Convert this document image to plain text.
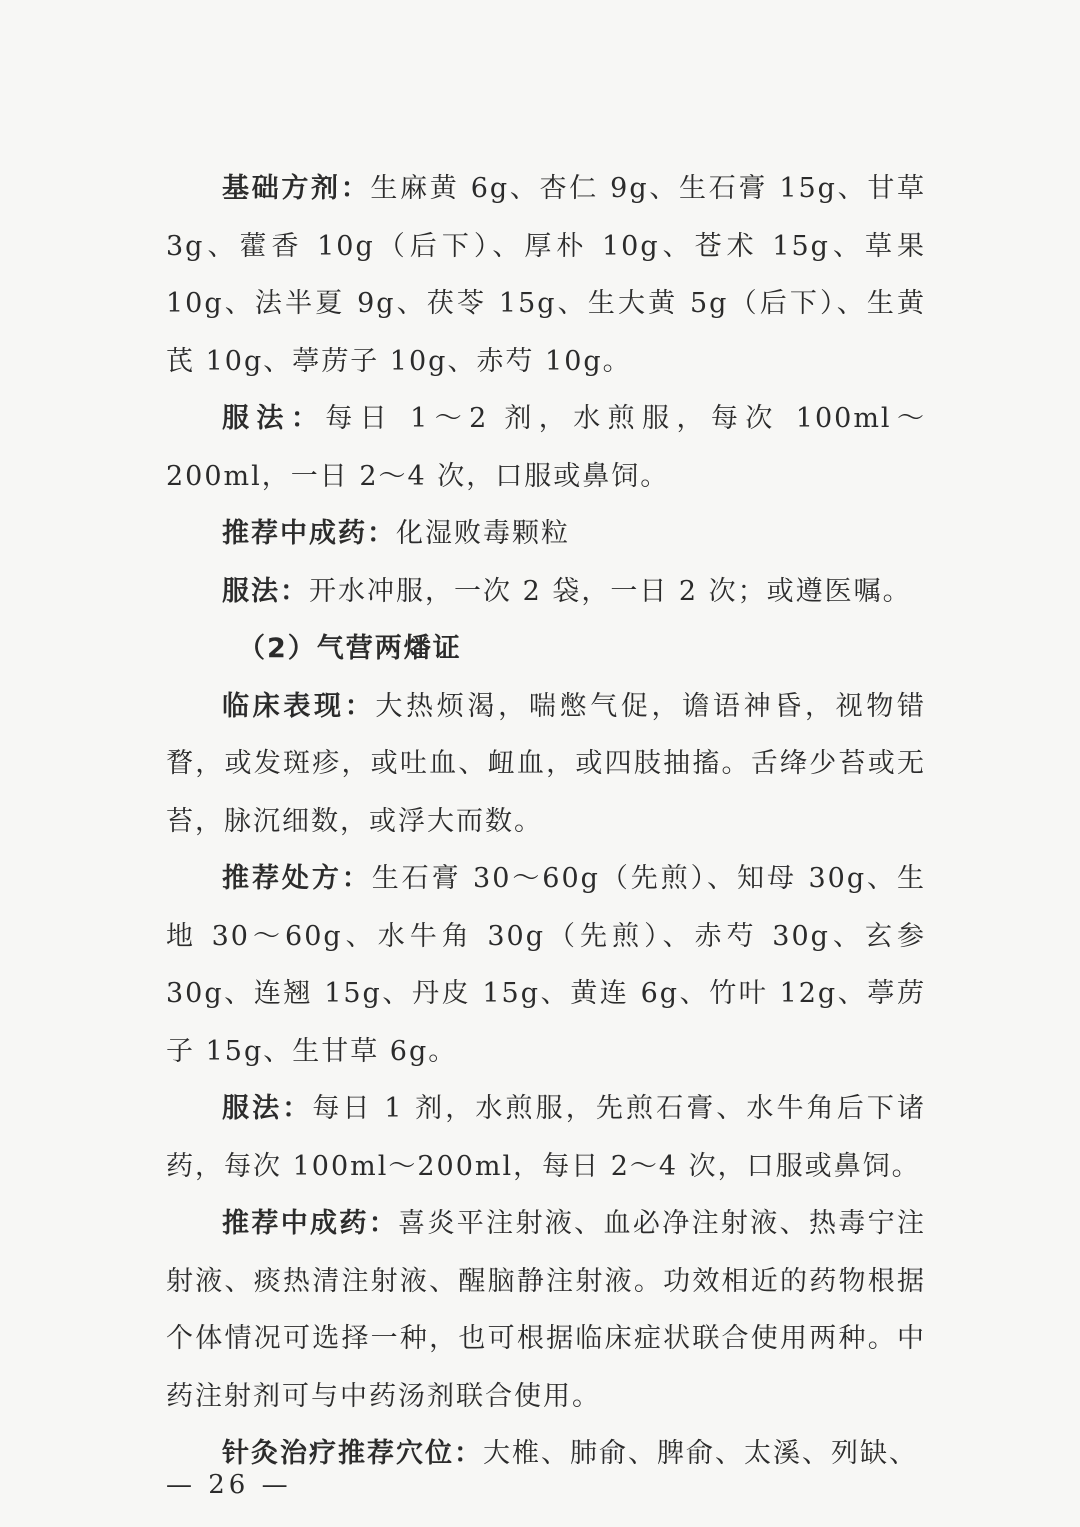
基础方剂：生麻黄 6g、杏仁 9g、生石膏 15g、甘草 3g、藿香 10g（后下）、厚朴 10g、苍术 15g、草果 10g、法半夏 9g、茯苓 15g、生大黄 5g（后下）、生黄芪 10g、葶苈子 10g、赤芍 10g。

服法：每日 1～2 剂，水煎服，每次 100ml～200ml，一日 2～4 次，口服或鼻饲。

推荐中成药：化湿败毒颗粒

服法：开水冲服，一次 2 袋，一日 2 次；或遵医嘱。

（2）气营两燔证

临床表现：大热烦渴，喘憋气促，谵语神昏，视物错瞀，或发斑疹，或吐血、衄血，或四肢抽搐。舌绛少苔或无苔，脉沉细数，或浮大而数。

推荐处方：生石膏 30～60g（先煎）、知母 30g、生地 30～60g、水牛角 30g（先煎）、赤芍 30g、玄参 30g、连翘 15g、丹皮 15g、黄连 6g、竹叶 12g、葶苈子 15g、生甘草 6g。

服法：每日 1 剂，水煎服，先煎石膏、水牛角后下诸药，每次 100ml～200ml，每日 2～4 次，口服或鼻饲。

推荐中成药：喜炎平注射液、血必净注射液、热毒宁注射液、痰热清注射液、醒脑静注射液。功效相近的药物根据个体情况可选择一种，也可根据临床症状联合使用两种。中药注射剂可与中药汤剂联合使用。

针灸治疗推荐穴位：大椎、肺俞、脾俞、太溪、列缺、

— 26 —
